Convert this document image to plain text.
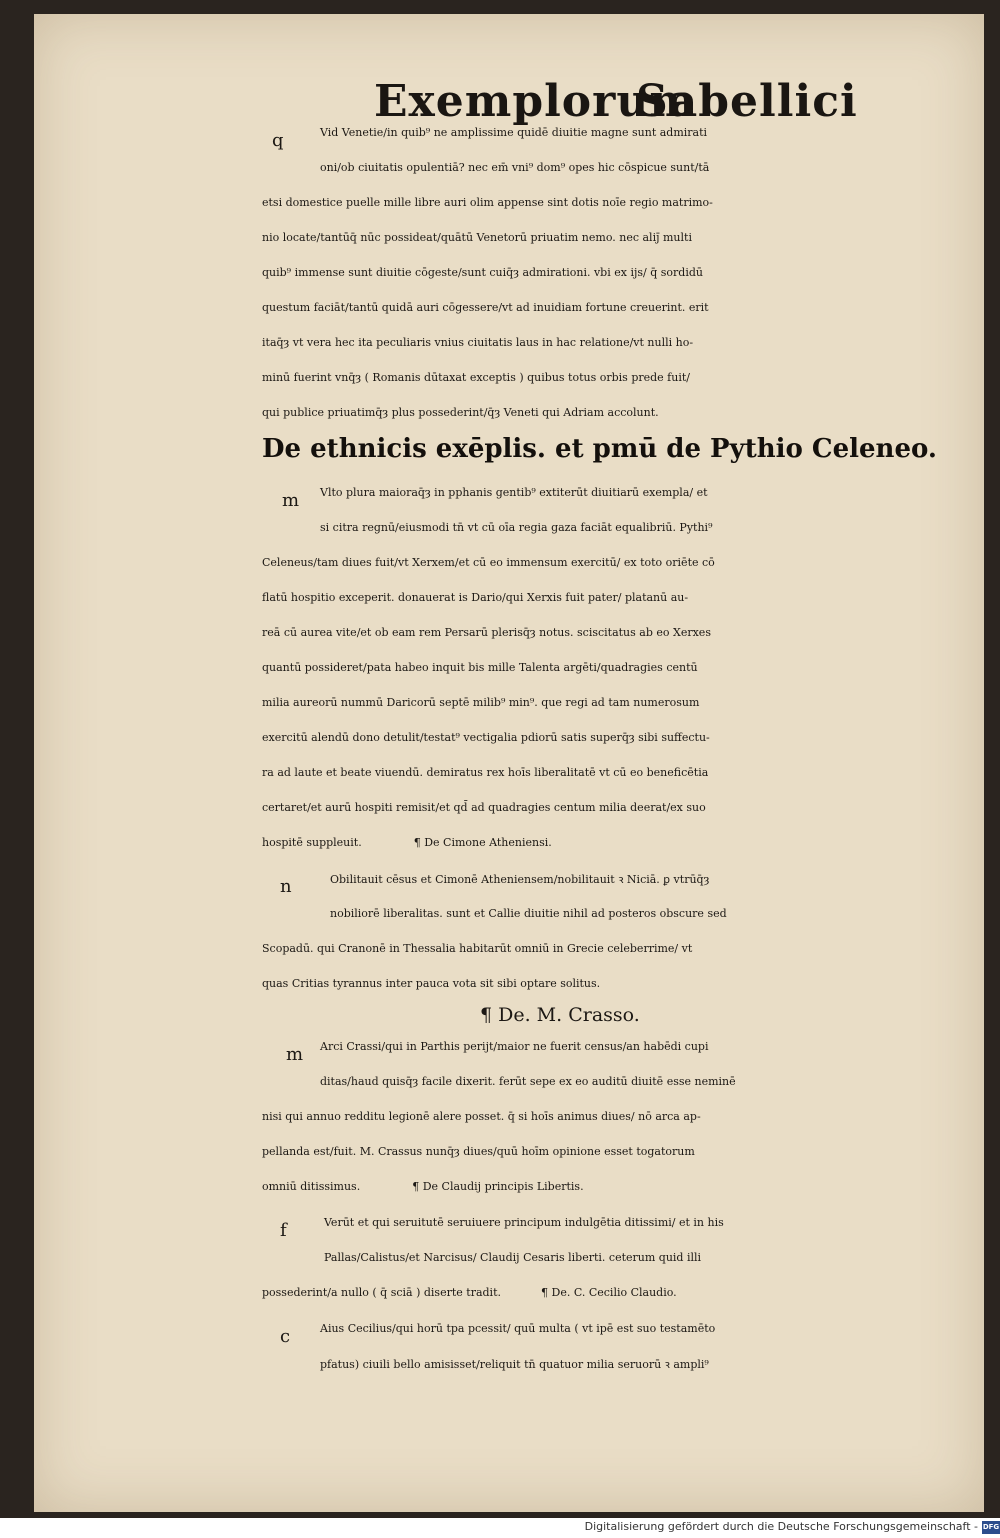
Exemplorum
Sabellici
q	Vid Venetie/in quib⁹ ne amplissime quidē diuitie magne sunt admirati
oni/ob ciuitatis opulentiā? nec em̄ vni⁹ dom⁹ opes hic cōspicue sunt/tā
etsi domestice puelle mille libre auri olim appense sint dotis noīe regio matrimo-
nio locate/tantūq̄ nūc possideat/quātū Venetorū priuatim nemo. nec aliȷ̄ multi
quib⁹ immense sunt diuitie cōgeste/sunt cuiq̄ȝ admirationi. vbi ex ijs/ q̄ sordidū
questum faciāt/tantū quidā auri cōgessere/vt ad inuidiam fortune creuerint. erit
itaq̄ȝ vt vera hec ita peculiaris vnius ciuitatis laus in hac relatione/vt nulli ho-
minū fuerint vnq̄ȝ ( Romanis dūtaxat exceptis ) quibus totus orbis prede fuit/
qui publice priuatimq̄ȝ plus possederint/q̄ȝ Veneti qui Adriam accolunt.
De ethnicis exēplis. et pmū de Pythio Celeneo.
m Vlto plura maioraq̄ȝ in pphanis gentib⁹ extiterūt diuitiarū exempla/ et
si citra regnū/eiusmodi tn̄ vt cū oīa regia gaza faciāt equalibriū. Pythi⁹
Celeneus/tam diues fuit/vt Xerxem/et cū eo immensum exercitū/ ex toto oriēte cō
flatū hospitio exceperit. donauerat is Dario/qui Xerxis fuit pater/ platanū au-
reā cū aurea vite/et ob eam rem Persarū plerisq̄ȝ notus. sciscitatus ab eo Xerxes
quantū possideret/pata habeo inquit bis mille Talenta argēti/quadragies centū
milia aureorū nummū Daricorū septē milib⁹ min⁹. que regi ad tam numerosum
exercitū alendū dono detulit/testat⁹ vectigalia pdiorū satis superq̄ȝ sibi suffectu-
ra ad laute et beate viuendū. demiratus rex hoīs liberalitatē vt cū eo beneficētia
certaret/et aurū hospiti remisit/et qd̄ ad quadragies centum milia deerat/ex suo
hospitē suppleuit.	¶ De Cimone Atheniensi.
n	Obilitauit cēsus et Cimonē Atheniensem/nobilitauit ꝛ Niciā. ꝑ vtrūq̄ȝ
nobiliorē liberalitas. sunt et Callie diuitie nihil ad posteros obscure sed
Scopadū. qui Cranonē in Thessalia habitarūt omniū in Grecie celeberrime/ vt
quas Critias tyrannus inter pauca vota sit sibi optare solitus.
¶ De. M. Crasso.
m Arci Crassi/qui in Parthis perijt/maior ne fuerit census/an habēdi cupi
ditas/haud quisq̄ȝ facile dixerit. ferūt sepe ex eo auditū diuitē esse neminē
nisi qui annuo redditu legionē alere posset. q̄ si hoīs animus diues/ nō arca ap-
pellanda est/fuit. M. Crassus nunq̄ȝ diues/quū hoīm opinione esset togatorum
omniū ditissimus.	¶ De Claudij principis Libertis.
f	Verūt et qui seruitutē seruiuere principum indulgētia ditissimi/ et in his
Pallas/Calistus/et Narcisus/ Claudij Cesaris liberti. ceterum quid illi
possederint/a nullo ( q̄ sciā ) diserte tradit.	¶ De. C. Cecilio Claudio.
c	Aius Cecilius/qui horū tpa pcessit/ quū multa ( vt ipē est suo testamēto
pfatus) ciuili bello amisisset/reliquit tn̄ quatuor milia seruorū ꝛ ampli⁹
Digitalisierung gefördert durch die Deutsche Forschungsgemeinschaft - DFG
